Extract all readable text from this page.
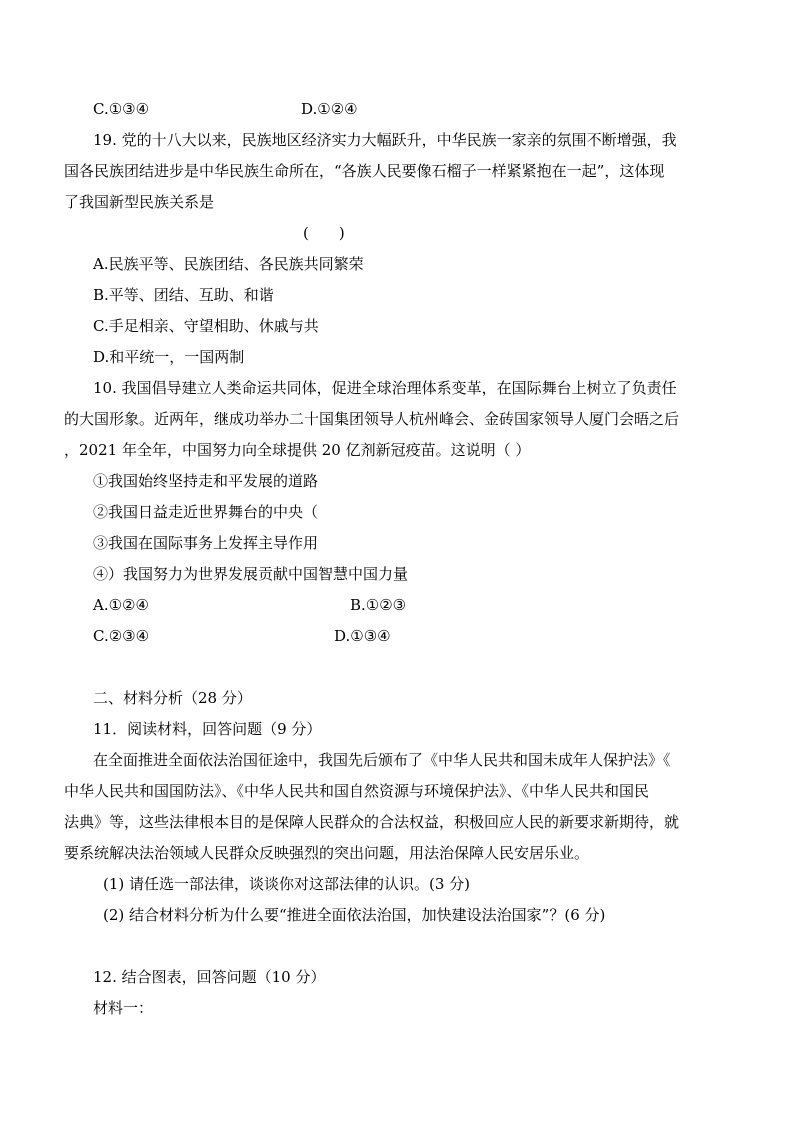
C.①③④	D.①②④
19. 党的十八大以来，民族地区经济实力大幅跃升，中华民族一家亲的氛围不断增强，我
国各民族团结进步是中华民族生命所在，“各族人民要像石榴子一样紧紧抱在一起”，这体现
了我国新型民族关系是
(　　)
A.民族平等、民族团结、各民族共同繁荣
B.平等、团结、互助、和谐
C.手足相亲、守望相助、休戚与共
D.和平统一，一国两制
10. 我国倡导建立人类命运共同体，促进全球治理体系变革，在国际舞台上树立了负责任
的大国形象。近两年，继成功举办二十国集团领导人杭州峰会、金砖国家领导人厦门会晤之后
，2021 年全年，中国努力向全球提供 20 亿剂新冠疫苗。这说明（ ）
①我国始终坚持走和平发展的道路
②我国日益走近世界舞台的中央（
③我国在国际事务上发挥主导作用
④）我国努力为世界发展贡献中国智慧中国力量
A.①②④	B.①②③
C.②③④	D.①③④
二、材料分析（28 分）
11．阅读材料，回答问题（9 分）
在全面推进全面依法治国征途中，我国先后颁布了《中华人民共和国未成年人保护法》《
中华人民共和国国防法》、《中华人民共和国自然资源与环境保护法》、《中华人民共和国民
法典》等，这些法律根本目的是保障人民群众的合法权益，积极回应人民的新要求新期待，就
要系统解决法治领域人民群众反映强烈的突出问题，用法治保障人民安居乐业。
(1) 请任选一部法律，谈谈你对这部法律的认识。(3 分)
(2) 结合材料分析为什么要“推进全面依法治国，加快建设法治国家”？(6 分)
12. 结合图表，回答问题（10 分）
材料一：
